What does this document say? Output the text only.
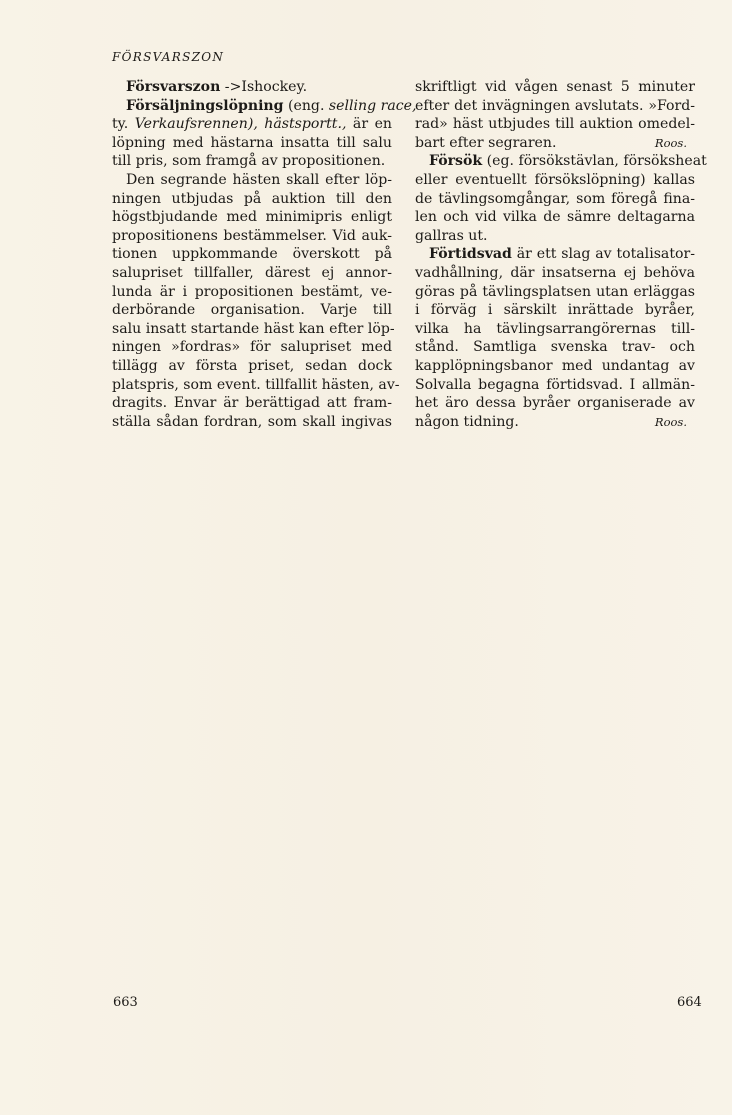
FÖRSVARSZON
Försvarszon ->Ishockey.
Försäljningslöpning (eng. selling race,
ty. Verkaufsrennen), hästsportt., är en
löpning med hästarna insatta till salu
till pris, som framgå av propositionen.
Den segrande hästen skall efter löp-
ningen utbjudas på auktion till den
högstbjudande med minimipris enligt
propositionens bestämmelser. Vid auk-
tionen uppkommande överskott på
salupriset tillfaller, därest ej annor-
lunda är i propositionen bestämt, ve-
derbörande organisation. Varje till
salu insatt startande häst kan efter löp-
ningen »fordras» för salupriset med
tillägg av första priset, sedan dock
platspris, som event. tillfallit hästen, av-
dragits. Envar är berättigad att fram-
ställa sådan fordran, som skall ingivas
skriftligt vid vågen senast 5 minuter
efter det invägningen avslutats. »Ford-
rad» häst utbjudes till auktion omedel-
bart efter segraren.	Roos.
Försök (eg. försökstävlan, försöksheat
eller eventuellt försökslöpning) kallas
de tävlingsomgångar, som föregå fina-
len och vid vilka de sämre deltagarna
gallras ut.
Förtidsvad är ett slag av totalisator-
vadhållning, där insatserna ej behöva
göras på tävlingsplatsen utan erläggas
i förväg i särskilt inrättade byråer,
vilka ha tävlingsarrangörernas till-
stånd. Samtliga svenska trav- och
kapplöpningsbanor med undantag av
Solvalla begagna förtidsvad. I allmän-
het äro dessa byråer organiserade av
någon tidning.	Roos.
663	664
